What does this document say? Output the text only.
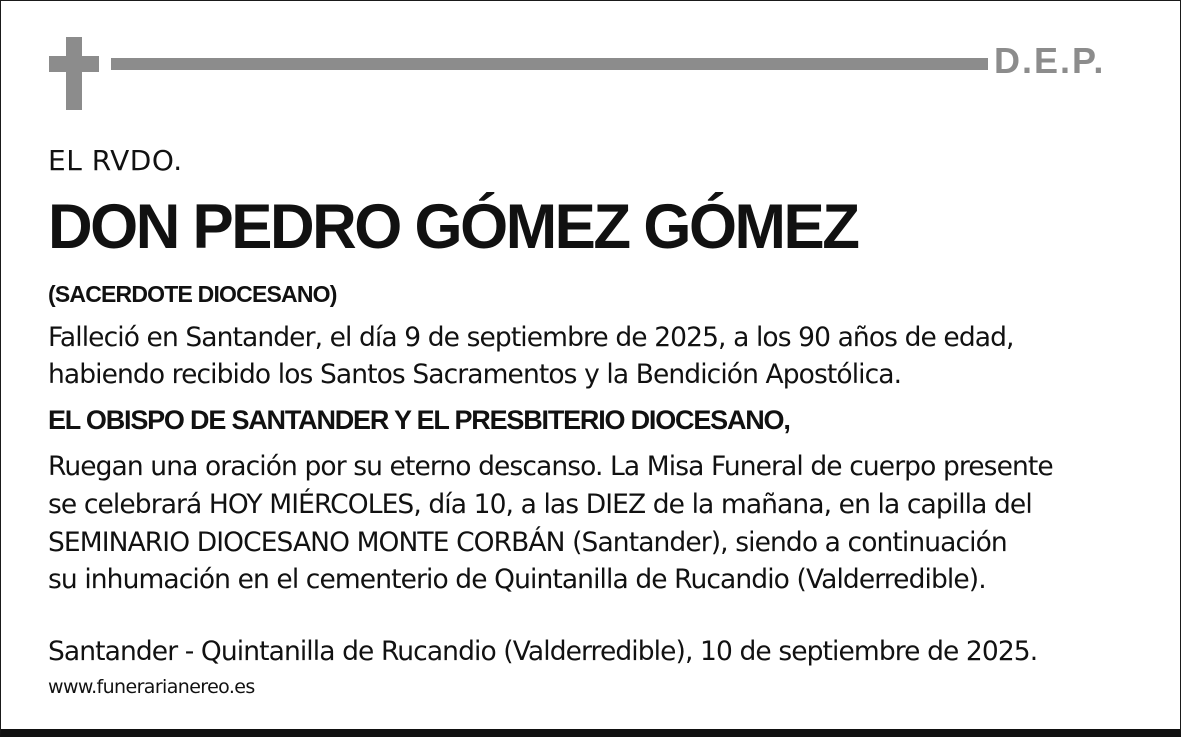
D.E.P.
EL RVDO.
DON PEDRO GÓMEZ GÓMEZ
(SACERDOTE DIOCESANO)
Falleció en Santander, el día 9 de septiembre de 2025, a los 90 años de edad,
habiendo recibido los Santos Sacramentos y la Bendición Apostólica.
EL OBISPO DE SANTANDER Y EL PRESBITERIO DIOCESANO,
Ruegan una oración por su eterno descanso. La Misa Funeral de cuerpo presente
se celebrará HOY MIÉRCOLES, día 10, a las DIEZ de la mañana, en la capilla del
SEMINARIO DIOCESANO MONTE CORBÁN (Santander), siendo a continuación
su inhumación en el cementerio de Quintanilla de Rucandio (Valderredible).
Santander - Quintanilla de Rucandio (Valderredible), 10 de septiembre de 2025.
www.funerarianereo.es
